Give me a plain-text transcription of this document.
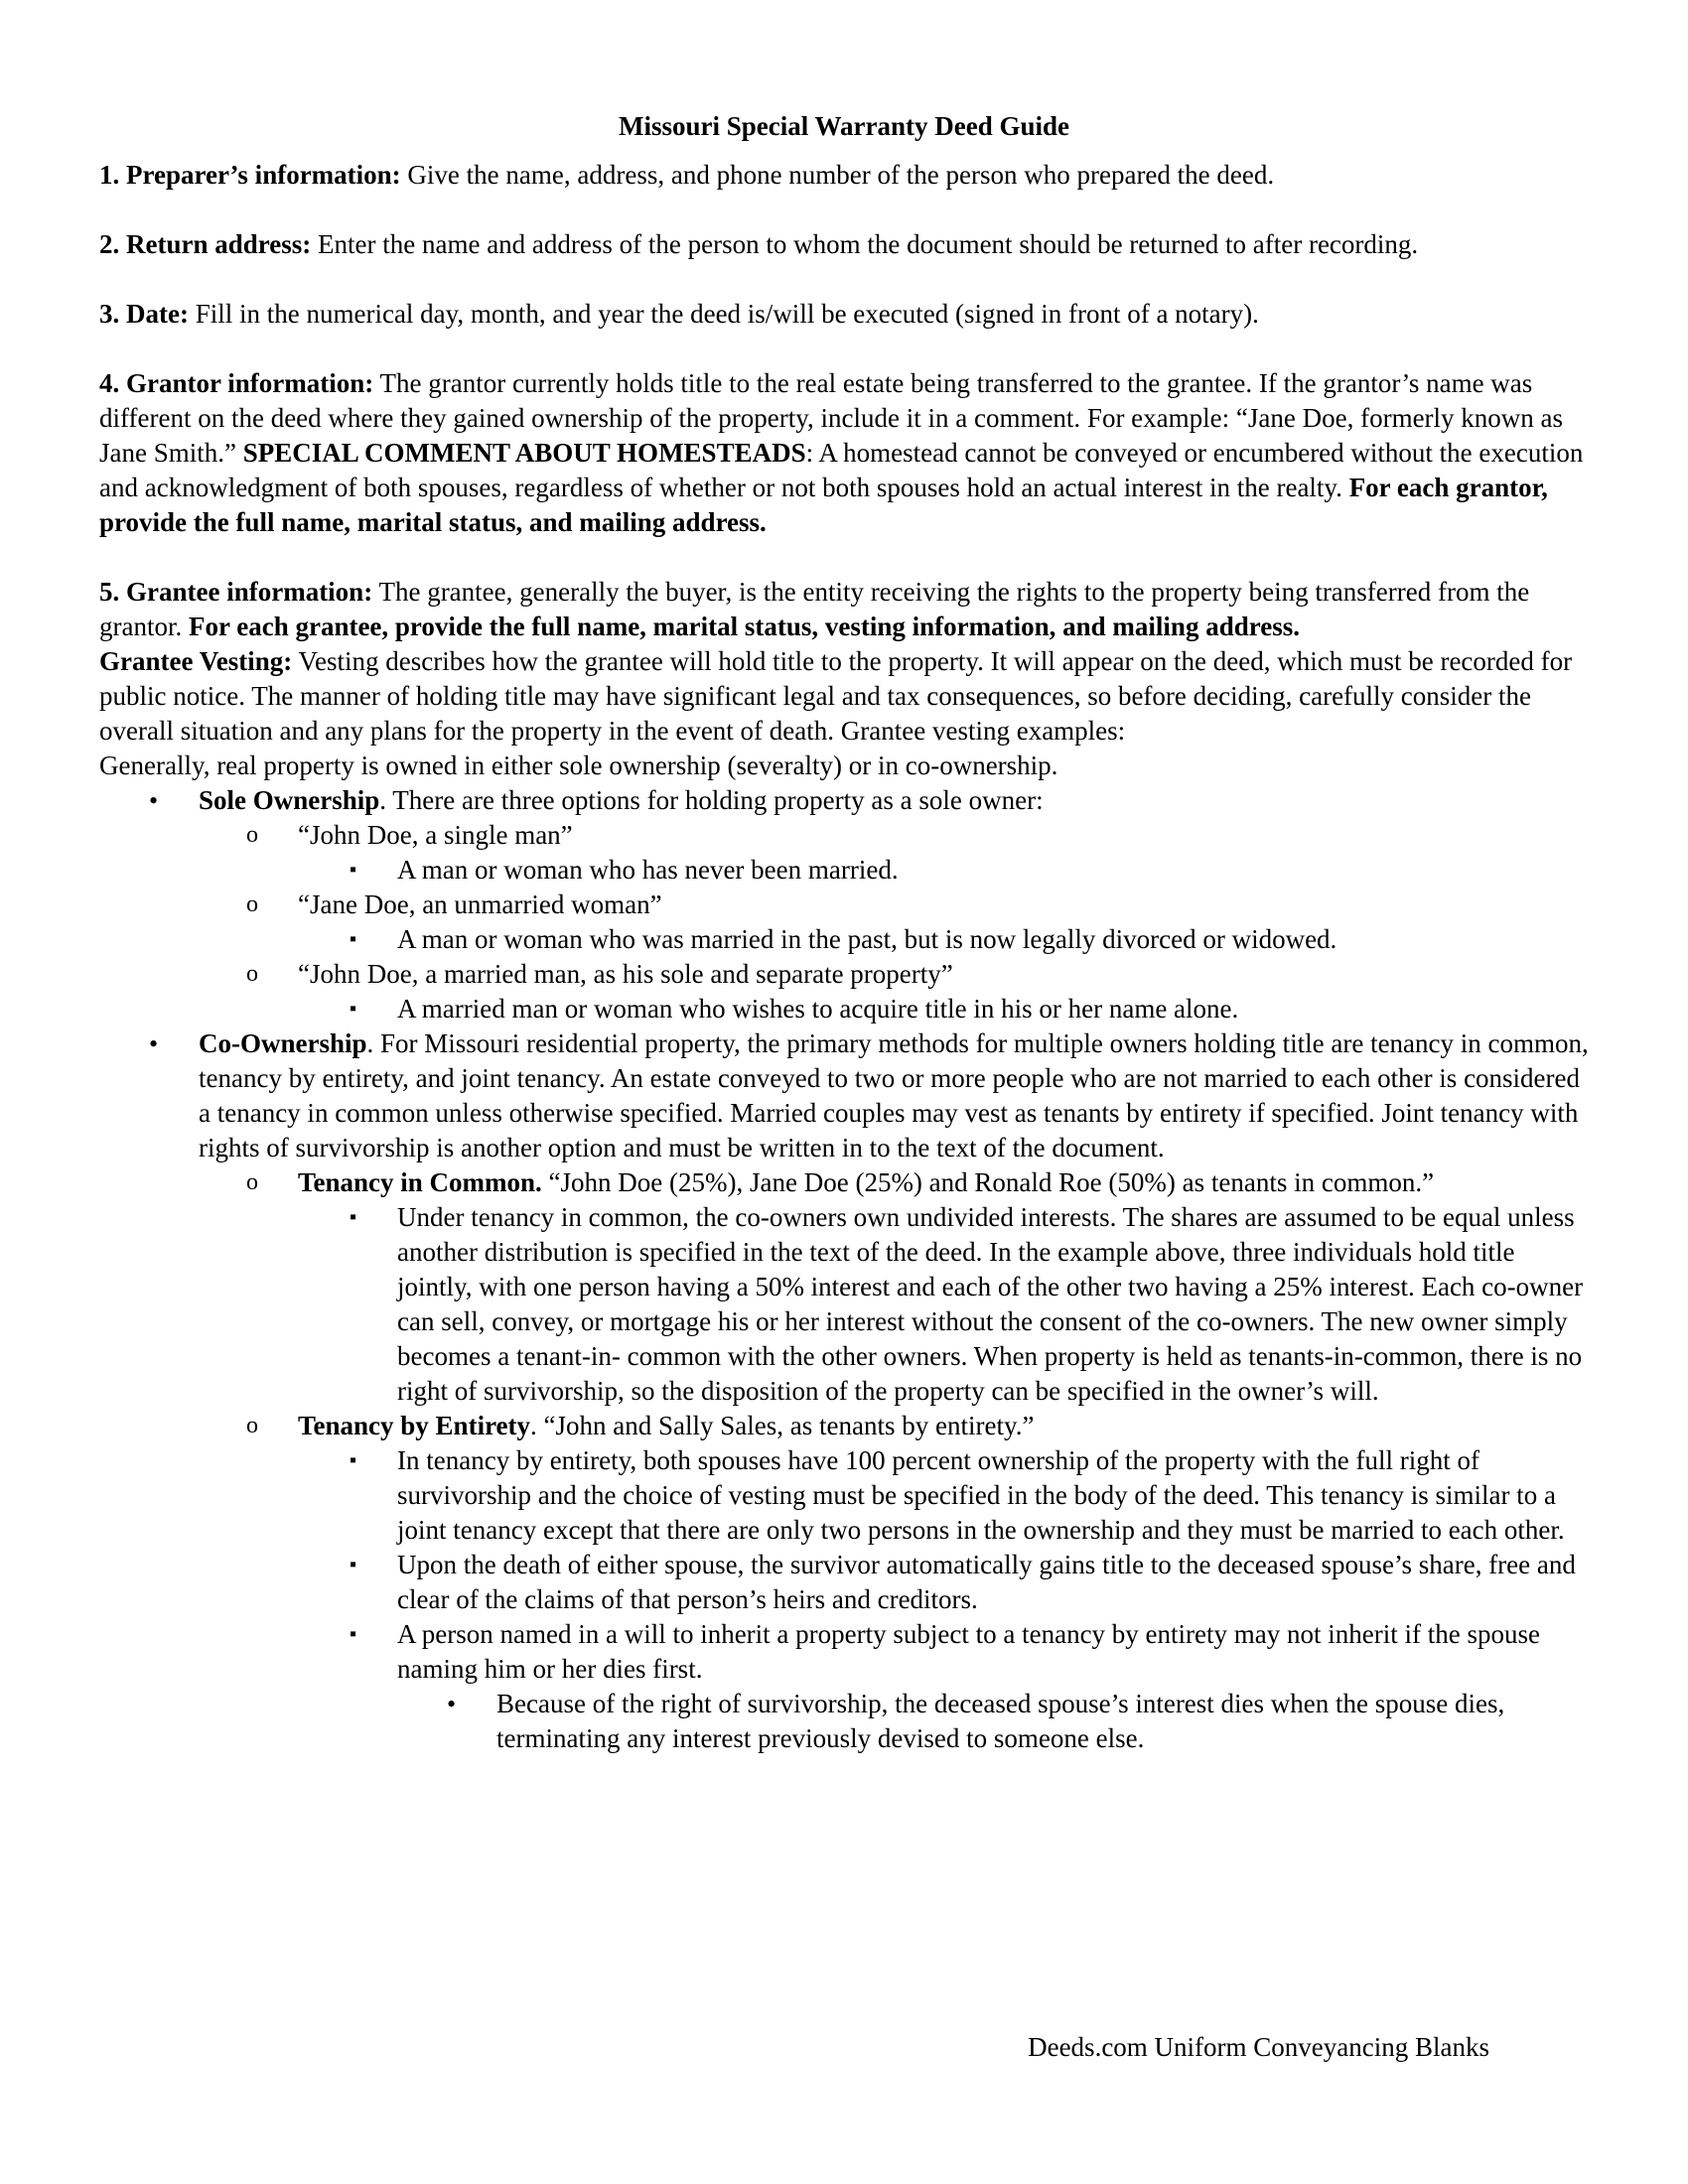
Missouri Special Warranty Deed Guide

1. Preparer’s information: Give the name, address, and phone number of the person who prepared the deed.

2. Return address: Enter the name and address of the person to whom the document should be returned to after recording.

3. Date: Fill in the numerical day, month, and year the deed is/will be executed (signed in front of a notary).

4. Grantor information: The grantor currently holds title to the real estate being transferred to the grantee. If the grantor’s name was different on the deed where they gained ownership of the property, include it in a comment. For example: “Jane Doe, formerly known as Jane Smith.” SPECIAL COMMENT ABOUT HOMESTEADS: A homestead cannot be conveyed or encumbered without the execution and acknowledgment of both spouses, regardless of whether or not both spouses hold an actual interest in the realty. For each grantor, provide the full name, marital status, and mailing address.

5. Grantee information: The grantee, generally the buyer, is the entity receiving the rights to the property being transferred from the grantor. For each grantee, provide the full name, marital status, vesting information, and mailing address.

Grantee Vesting: Vesting describes how the grantee will hold title to the property. It will appear on the deed, which must be recorded for public notice. The manner of holding title may have significant legal and tax consequences, so before deciding, carefully consider the overall situation and any plans for the property in the event of death. Grantee vesting examples:

Generally, real property is owned in either sole ownership (severalty) or in co-ownership.

• Sole Ownership. There are three options for holding property as a sole owner:
o “John Doe, a single man”
▪ A man or woman who has never been married.
o “Jane Doe, an unmarried woman”
▪ A man or woman who was married in the past, but is now legally divorced or widowed.
o “John Doe, a married man, as his sole and separate property”
▪ A married man or woman who wishes to acquire title in his or her name alone.
• Co-Ownership. For Missouri residential property, the primary methods for multiple owners holding title are tenancy in common, tenancy by entirety, and joint tenancy. An estate conveyed to two or more people who are not married to each other is considered a tenancy in common unless otherwise specified. Married couples may vest as tenants by entirety if specified. Joint tenancy with rights of survivorship is another option and must be written in to the text of the document.
o Tenancy in Common. “John Doe (25%), Jane Doe (25%) and Ronald Roe (50%) as tenants in common.”
▪ Under tenancy in common, the co-owners own undivided interests. The shares are assumed to be equal unless another distribution is specified in the text of the deed. In the example above, three individuals hold title jointly, with one person having a 50% interest and each of the other two having a 25% interest. Each co-owner can sell, convey, or mortgage his or her interest without the consent of the co-owners. The new owner simply becomes a tenant-in- common with the other owners. When property is held as tenants-in-common, there is no right of survivorship, so the disposition of the property can be specified in the owner’s will.
o Tenancy by Entirety. “John and Sally Sales, as tenants by entirety.”
▪ In tenancy by entirety, both spouses have 100 percent ownership of the property with the full right of survivorship and the choice of vesting must be specified in the body of the deed. This tenancy is similar to a joint tenancy except that there are only two persons in the ownership and they must be married to each other.
▪ Upon the death of either spouse, the survivor automatically gains title to the deceased spouse’s share, free and clear of the claims of that person’s heirs and creditors.
▪ A person named in a will to inherit a property subject to a tenancy by entirety may not inherit if the spouse naming him or her dies first.
• Because of the right of survivorship, the deceased spouse’s interest dies when the spouse dies, terminating any interest previously devised to someone else.
Deeds.com Uniform Conveyancing Blanks
